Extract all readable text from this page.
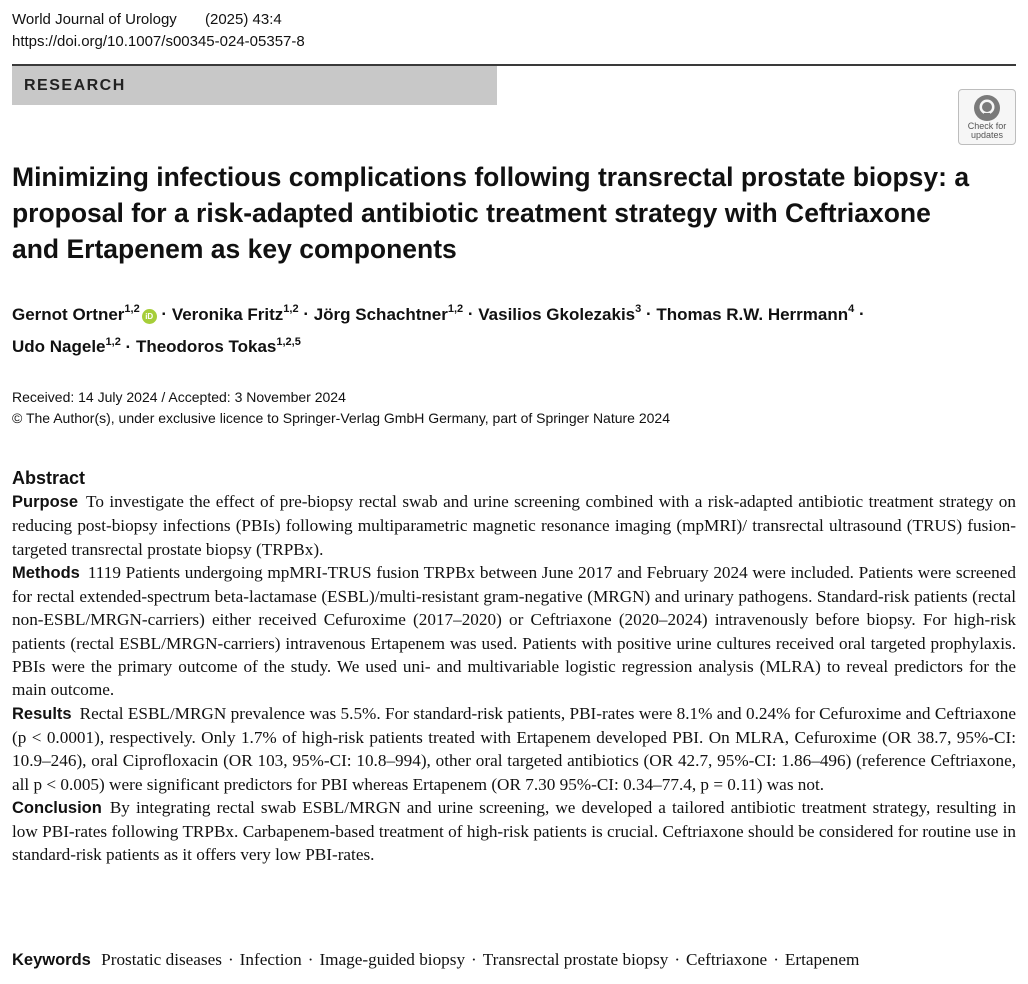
World Journal of Urology	(2025) 43:4
https://doi.org/10.1007/s00345-024-05357-8
RESEARCH
Check for
updates
Minimizing infectious complications following transrectal prostate biopsy: a proposal for a risk-adapted antibiotic treatment strategy with Ceftriaxone and Ertapenem as key components

Gernot Ortner$^{1,2}$iD · Veronika Fritz$^{1,2}$ · Jörg Schachtner$^{1,2}$ · Vasilios Gkolezakis$^3$ · Thomas R.W. Herrmann$^4$ ·
Udo Nagele$^{1,2}$ · Theodoros Tokas$^{1,2,5}$

Received: 14 July 2024 / Accepted: 3 November 2024
© The Author(s), under exclusive licence to Springer-Verlag GmbH Germany, part of Springer Nature 2024
Abstract

Purpose To investigate the effect of pre-biopsy rectal swab and urine screening combined with a risk-adapted antibiotic treatment strategy on reducing post-biopsy infections (PBIs) following multiparametric magnetic resonance imaging (mpMRI)/ transrectal ultrasound (TRUS) fusion-targeted transrectal prostate biopsy (TRPBx).

Methods 1119 Patients undergoing mpMRI-TRUS fusion TRPBx between June 2017 and February 2024 were included. Patients were screened for rectal extended-spectrum beta-lactamase (ESBL)/multi-resistant gram-negative (MRGN) and urinary pathogens. Standard-risk patients (rectal non-ESBL/MRGN-carriers) either received Cefuroxime (2017–2020) or Ceftriaxone (2020–2024) intravenously before biopsy. For high-risk patients (rectal ESBL/MRGN-carriers) intravenous Ertapenem was used. Patients with positive urine cultures received oral targeted prophylaxis. PBIs were the primary outcome of the study. We used uni- and multivariable logistic regression analysis (MLRA) to reveal predictors for the main outcome.

Results Rectal ESBL/MRGN prevalence was 5.5%. For standard-risk patients, PBI-rates were 8.1% and 0.24% for Cefuroxime and Ceftriaxone (p < 0.0001), respectively. Only 1.7% of high-risk patients treated with Ertapenem developed PBI. On MLRA, Cefuroxime (OR 38.7, 95%-CI: 10.9–246), oral Ciprofloxacin (OR 103, 95%-CI: 10.8–994), other oral targeted antibiotics (OR 42.7, 95%-CI: 1.86–496) (reference Ceftriaxone, all p < 0.005) were significant predictors for PBI whereas Ertapenem (OR 7.30 95%-CI: 0.34–77.4, p = 0.11) was not.

Conclusion By integrating rectal swab ESBL/MRGN and urine screening, we developed a tailored antibiotic treatment strategy, resulting in low PBI-rates following TRPBx. Carbapenem-based treatment of high-risk patients is crucial. Ceftriaxone should be considered for routine use in standard-risk patients as it offers very low PBI-rates.

Keywords Prostatic diseases · Infection · Image-guided biopsy · Transrectal prostate biopsy · Ceftriaxone · Ertapenem
